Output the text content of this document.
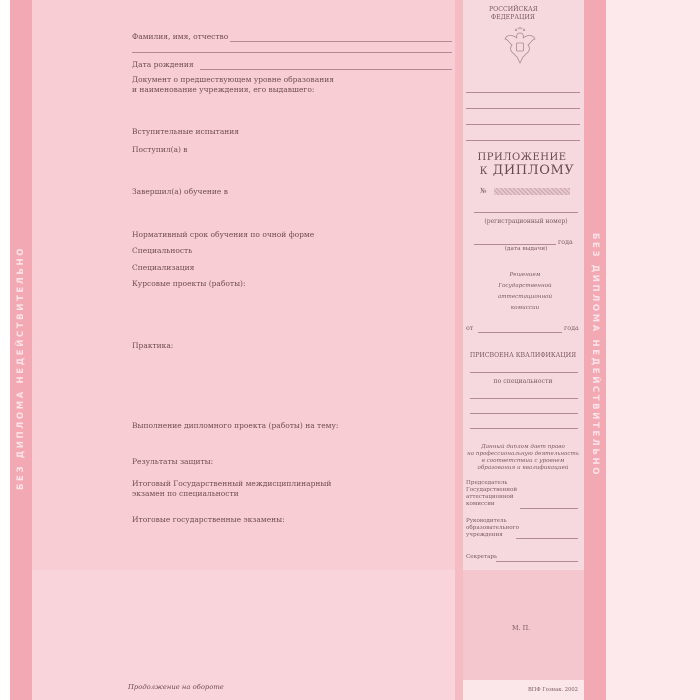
БЕЗ ДИПЛОМА НЕДЕЙСТВИТЕЛЬНО	БЕЗ ДИПЛОМА НЕДЕЙСТВИТЕЛЬНО
Фамилия, имя, отчество
Дата рождения
Документ о предшествующем уровне образования
и наименование учреждения, его выдавшего:
Вступительные испытания
Поступил(а) в
Завершил(а) обучение в
Нормативный срок обучения по очной форме
Специальность
Специализация
Курсовые проекты (работы):
Практика:
Выполнение дипломного проекта (работы) на тему:
Результаты защиты:
Итоговый Государственный междисциплинарный
экзамен по специальности
Итоговые государственные экзамены:
Продолжение на обороте
РОССИЙСКАЯ
ФЕДЕРАЦИЯ
ПРИЛОЖЕНИЕ
К ДИПЛОМУ
№
(регистрационный номер)
года
(дата выдачи)
Решением
Государственной
аттестационной
комиссии
от	года
ПРИСВОЕНА КВАЛИФИКАЦИЯ
по специальности
Данный диплом дает право
на профессиональную деятельность
в соответствии с уровнем
образования и квалификацией
Председатель
Государственной
аттестационной
комиссии
Руководитель
образовательного
учреждения
Секретарь
М. П.
ВПФ Гознак. 2002
